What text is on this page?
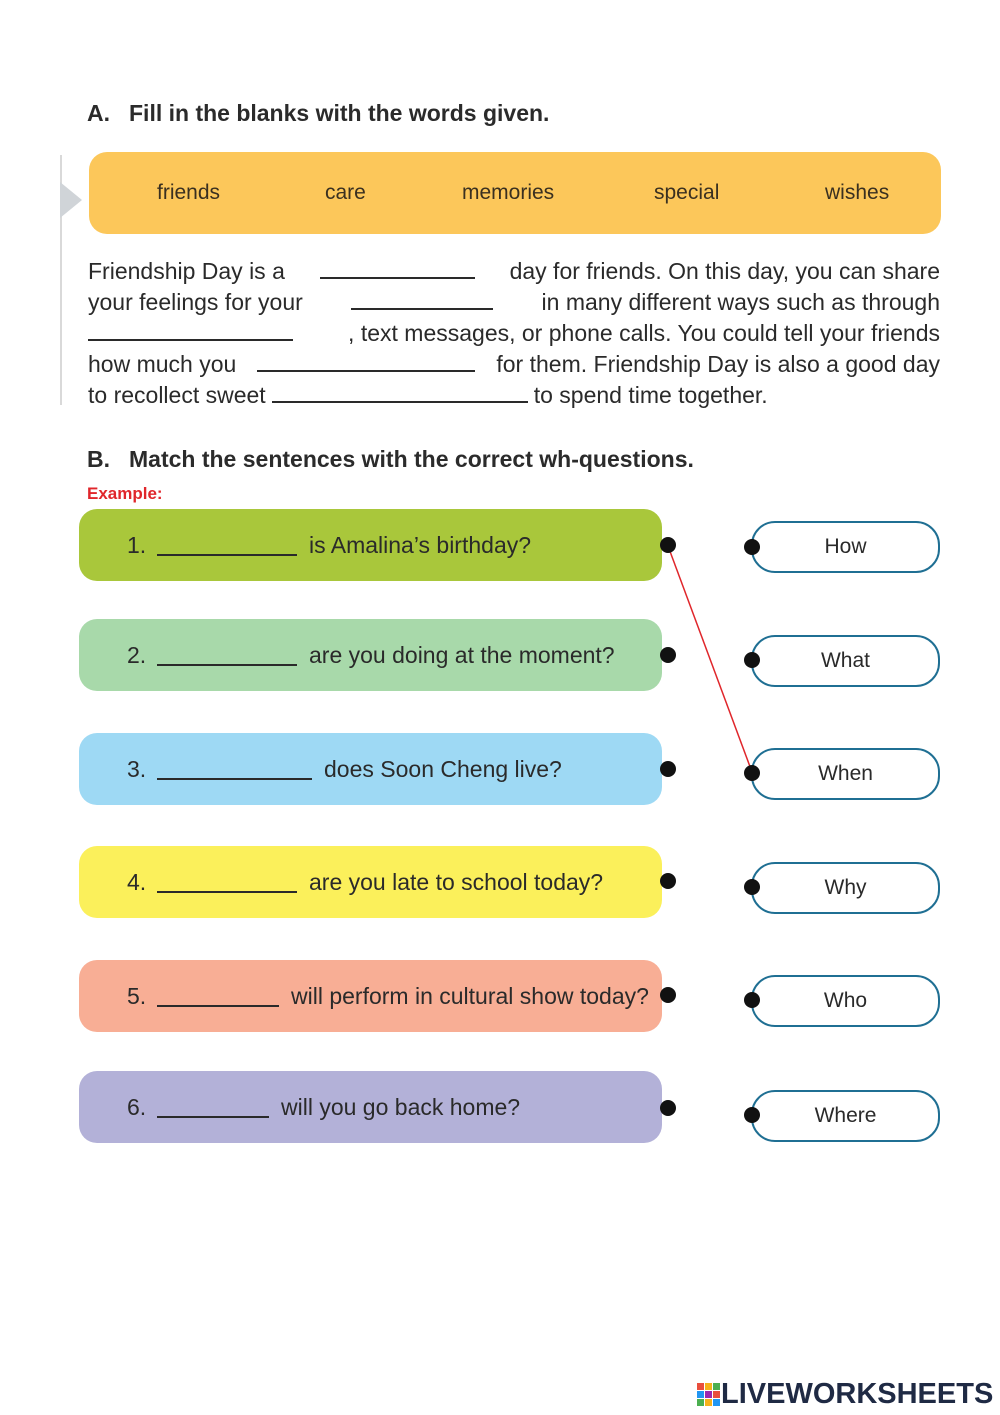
A. Fill in the blanks with the words given.
friends	care	memories	special	wishes
Friendship Day is a	day for friends. On this day, you can share
your feelings for your	in many different ways such as through
, text messages, or phone calls. You could tell your friends
how much you	for them. Friendship Day is also a good day
to recollect sweet	to spend time together.
B. Match the sentences with the correct wh-questions.
Example:
1.	is Amalina’s birthday?
2.	are you doing at the moment?
3.	does Soon Cheng live?
4.	are you late to school today?
5.	will perform in cultural show today?
6.	will you go back home?
How
What
When
Why
Who
Where
LIVEWORKSHEETS
